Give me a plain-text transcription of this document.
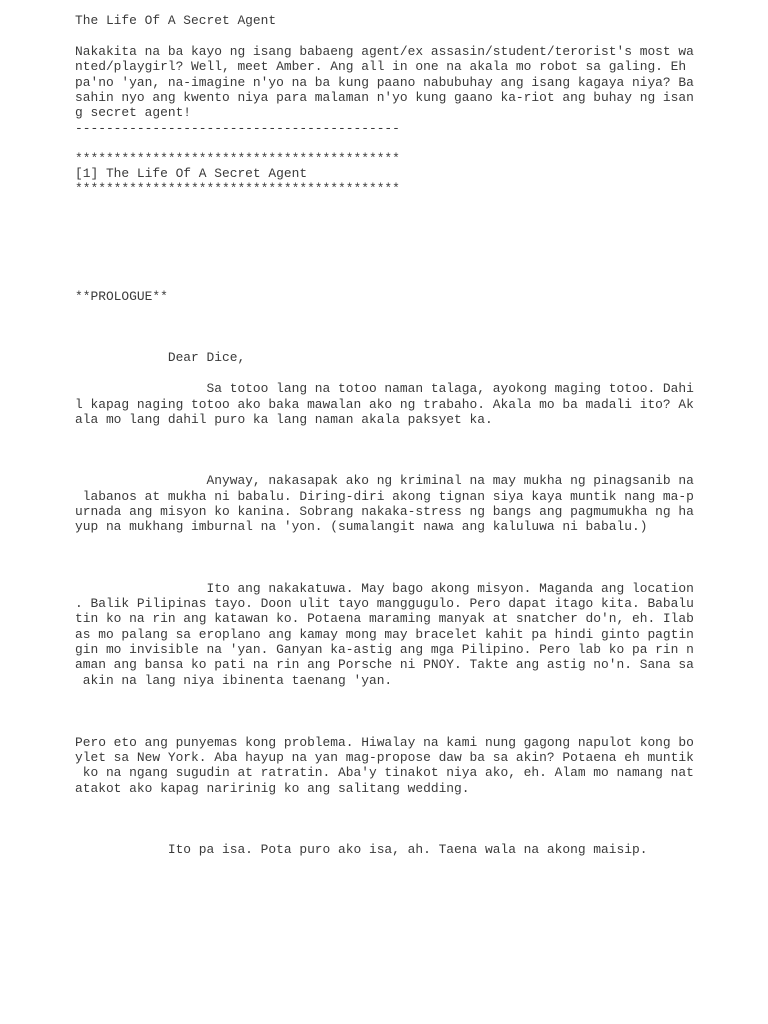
The Life Of A Secret Agent

Nakakita na ba kayo ng isang babaeng agent/ex assasin/student/terorist's most wa

nted/playgirl? Well, meet Amber. Ang all in one na akala mo robot sa galing. Eh

pa'no 'yan, na-imagine n'yo na ba kung paano nabubuhay ang isang kagaya niya? Ba

sahin nyo ang kwento niya para malaman n'yo kung gaano ka-riot ang buhay ng isan

g secret agent!

------------------------------------------

******************************************

[1] The Life Of A Secret Agent

******************************************

**PROLOGUE**

Dear Dice,

Sa totoo lang na totoo naman talaga, ayokong maging totoo. Dahi

l kapag naging totoo ako baka mawalan ako ng trabaho. Akala mo ba madali ito? Ak

ala mo lang dahil puro ka lang naman akala paksyet ka.

Anyway, nakasapak ako ng kriminal na may mukha ng pinagsanib na

labanos at mukha ni babalu. Diring-diri akong tignan siya kaya muntik nang ma-p

urnada ang misyon ko kanina. Sobrang nakaka-stress ng bangs ang pagmumukha ng ha

yup na mukhang imburnal na 'yon. (sumalangit nawa ang kaluluwa ni babalu.)

Ito ang nakakatuwa. May bago akong misyon. Maganda ang location

. Balik Pilipinas tayo. Doon ulit tayo manggugulo. Pero dapat itago kita. Babalu

tin ko na rin ang katawan ko. Potaena maraming manyak at snatcher do'n, eh. Ilab

as mo palang sa eroplano ang kamay mong may bracelet kahit pa hindi ginto pagtin

gin mo invisible na 'yan. Ganyan ka-astig ang mga Pilipino. Pero lab ko pa rin n

aman ang bansa ko pati na rin ang Porsche ni PNOY. Takte ang astig no'n. Sana sa

akin na lang niya ibinenta taenang 'yan.

Pero eto ang punyemas kong problema. Hiwalay na kami nung gagong napulot kong bo

ylet sa New York. Aba hayup na yan mag-propose daw ba sa akin? Potaena eh muntik

ko na ngang sugudin at ratratin. Aba'y tinakot niya ako, eh. Alam mo namang nat

atakot ako kapag naririnig ko ang salitang wedding.

Ito pa isa. Pota puro ako isa, ah. Taena wala na akong maisip.
